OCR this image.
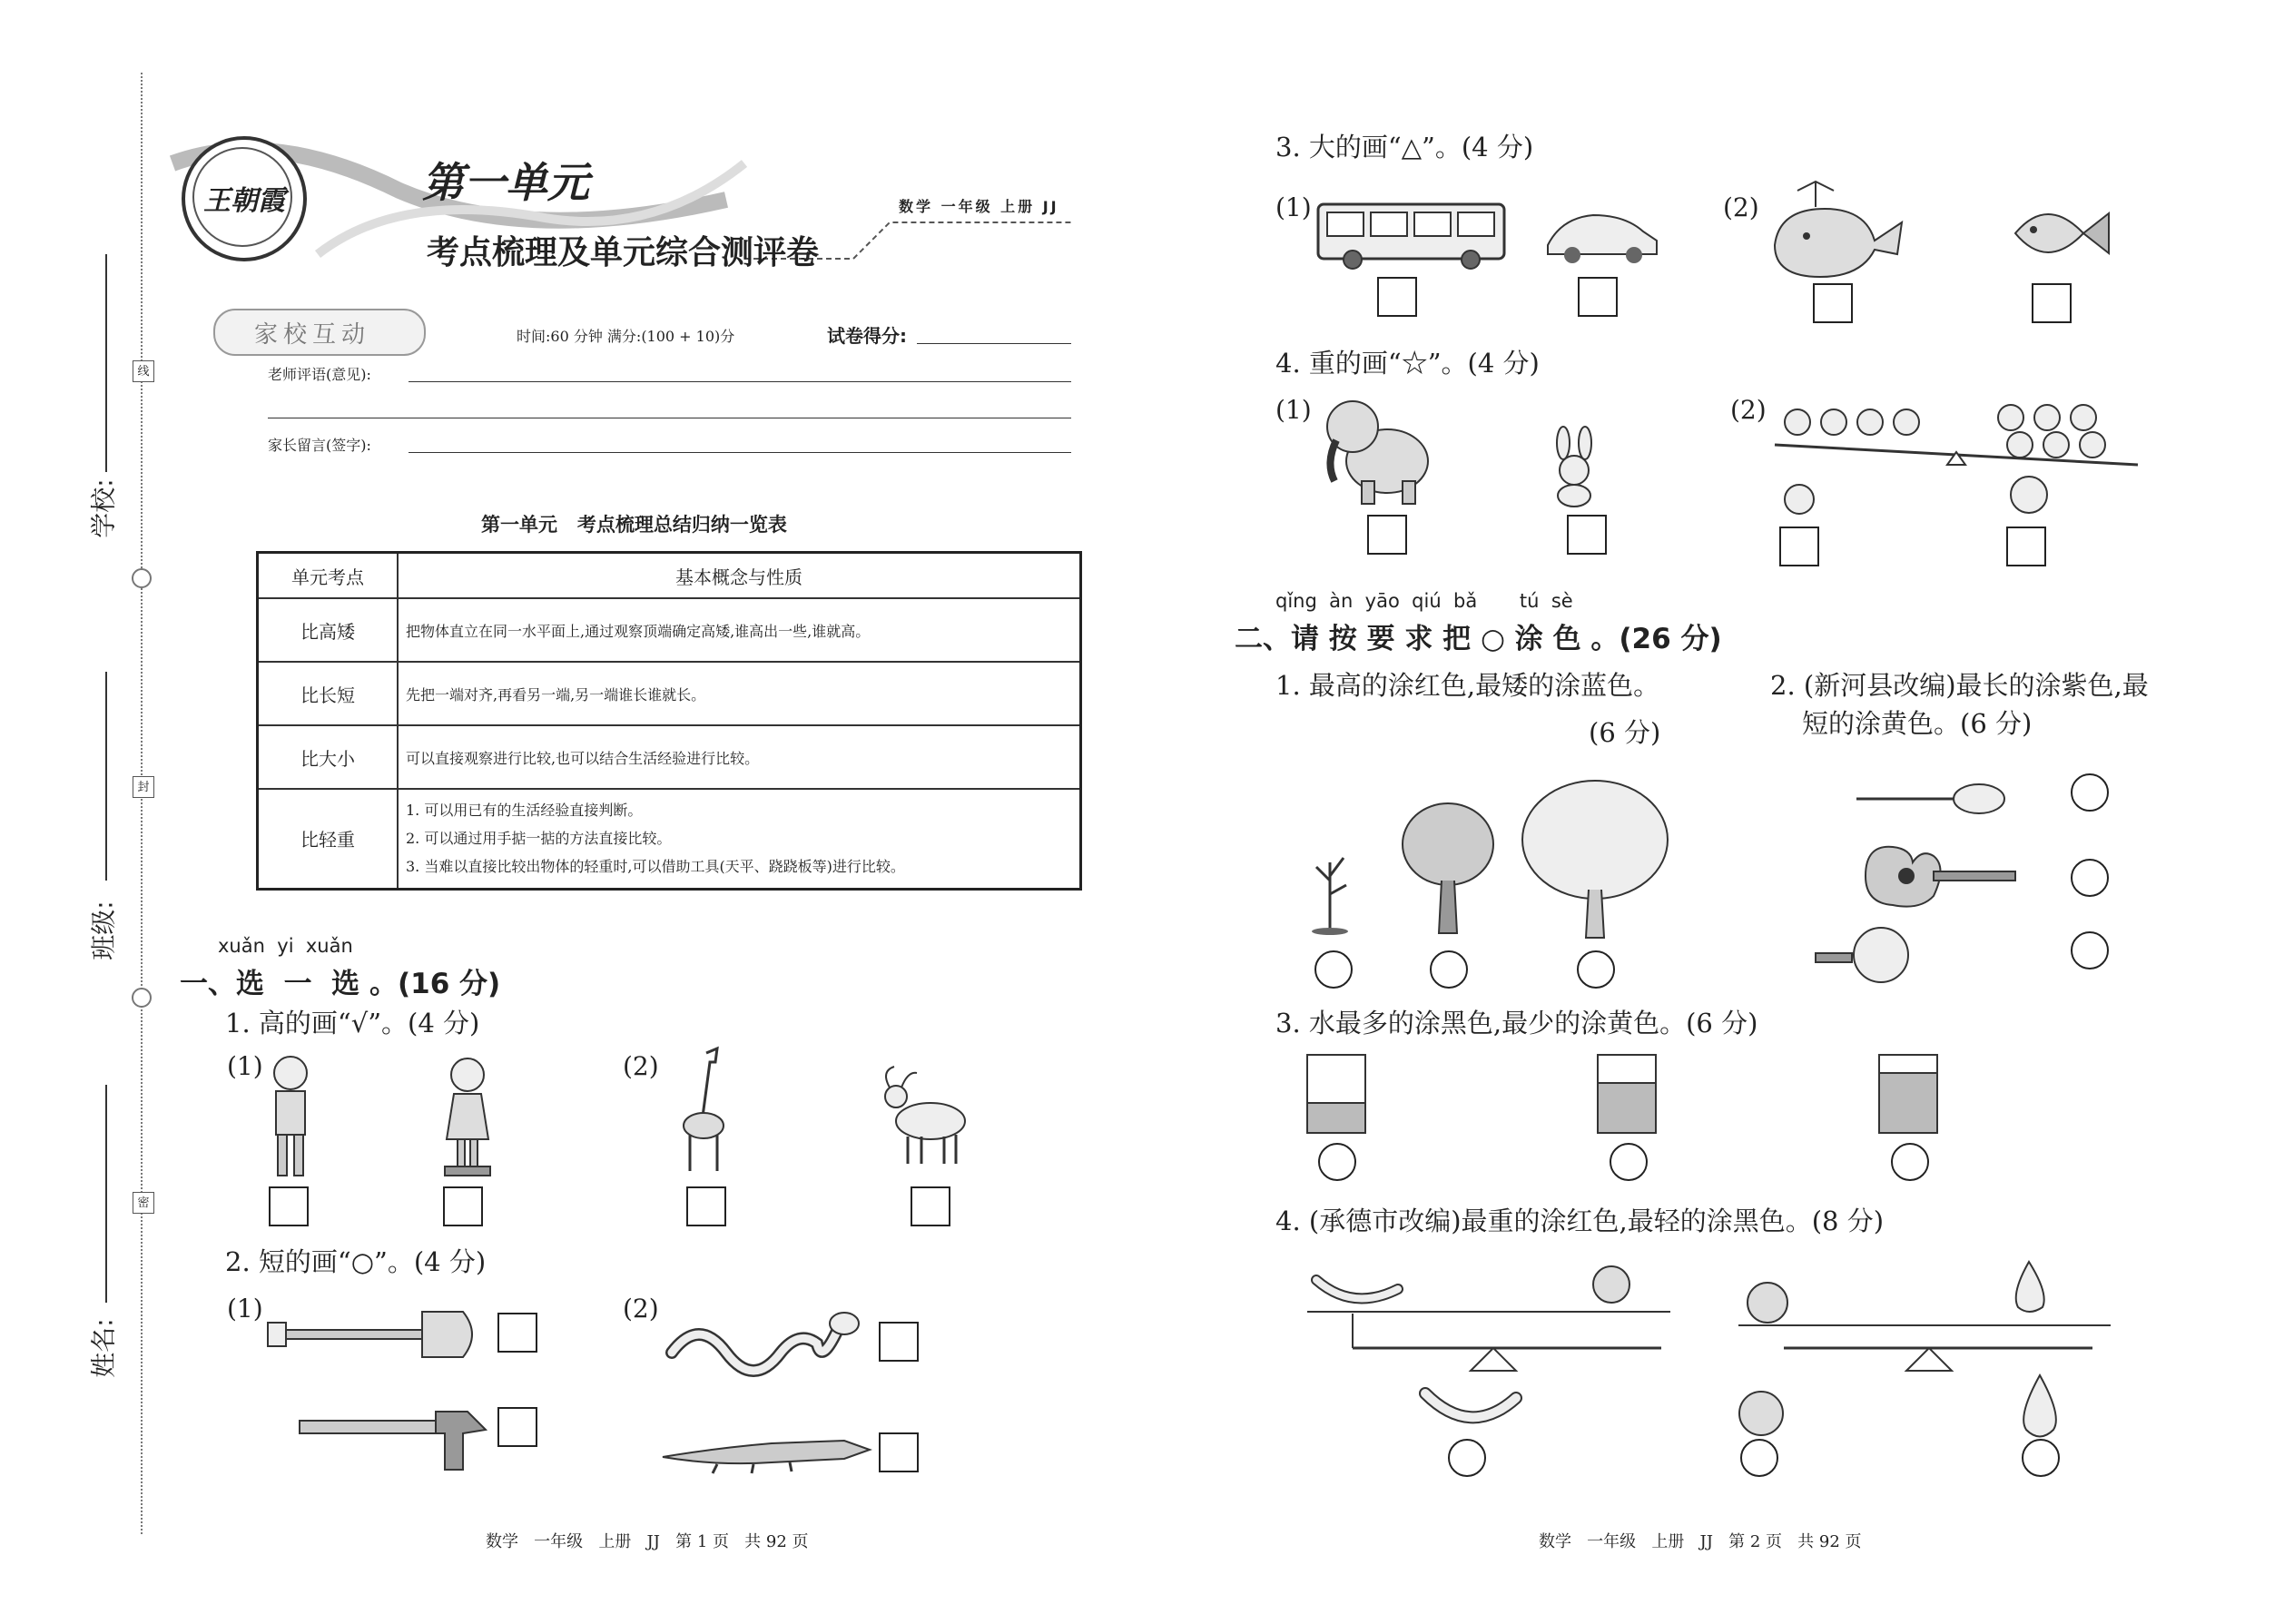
线
封
密
学校:
班级:
姓名:
王朝霞	第一单元
考点梳理及单元综合测评卷
数学 一年级 上册 JJ
家校互动	时间:60 分钟 满分:(100 + 10)分	试卷得分:
老师评语(意见):
家长留言(签字):
第一单元   考点梳理总结归纳一览表
单元考点	基本概念与性质
比高矮	把物体直立在同一水平面上,通过观察顶端确定高矮,谁高出一些,谁就高。
比长短	先把一端对齐,再看另一端,另一端谁长谁就长。
比大小	可以直接观察进行比较,也可以结合生活经验进行比较。
比轻重	1. 可以用已有的生活经验直接判断。
2. 可以通过用手掂一掂的方法直接比较。
3. 当难以直接比较出物体的轻重时,可以借助工具(天平、跷跷板等)进行比较。
xuǎn  yi  xuǎn
一、选  一  选 。(16 分)
1. 高的画“√”。(4 分)
(1)	(2)
2. 短的画“○”。(4 分)
(1)	(2)
数学   一年级   上册   JJ   第 1 页   共 92 页
3. 大的画“△”。(4 分)
(1)	(2)
4. 重的画“☆”。(4 分)
(1)	(2)
qǐng  àn  yāo  qiú  bǎ       tú  sè
二、请 按 要 求 把 ○ 涂 色 。(26 分)
1. 最高的涂红色,最矮的涂蓝色。
(6 分)
2. (新河县改编)最长的涂紫色,最
短的涂黄色。(6 分)
3. 水最多的涂黑色,最少的涂黄色。(6 分)
4. (承德市改编)最重的涂红色,最轻的涂黑色。(8 分)
数学   一年级   上册   JJ   第 2 页   共 92 页
